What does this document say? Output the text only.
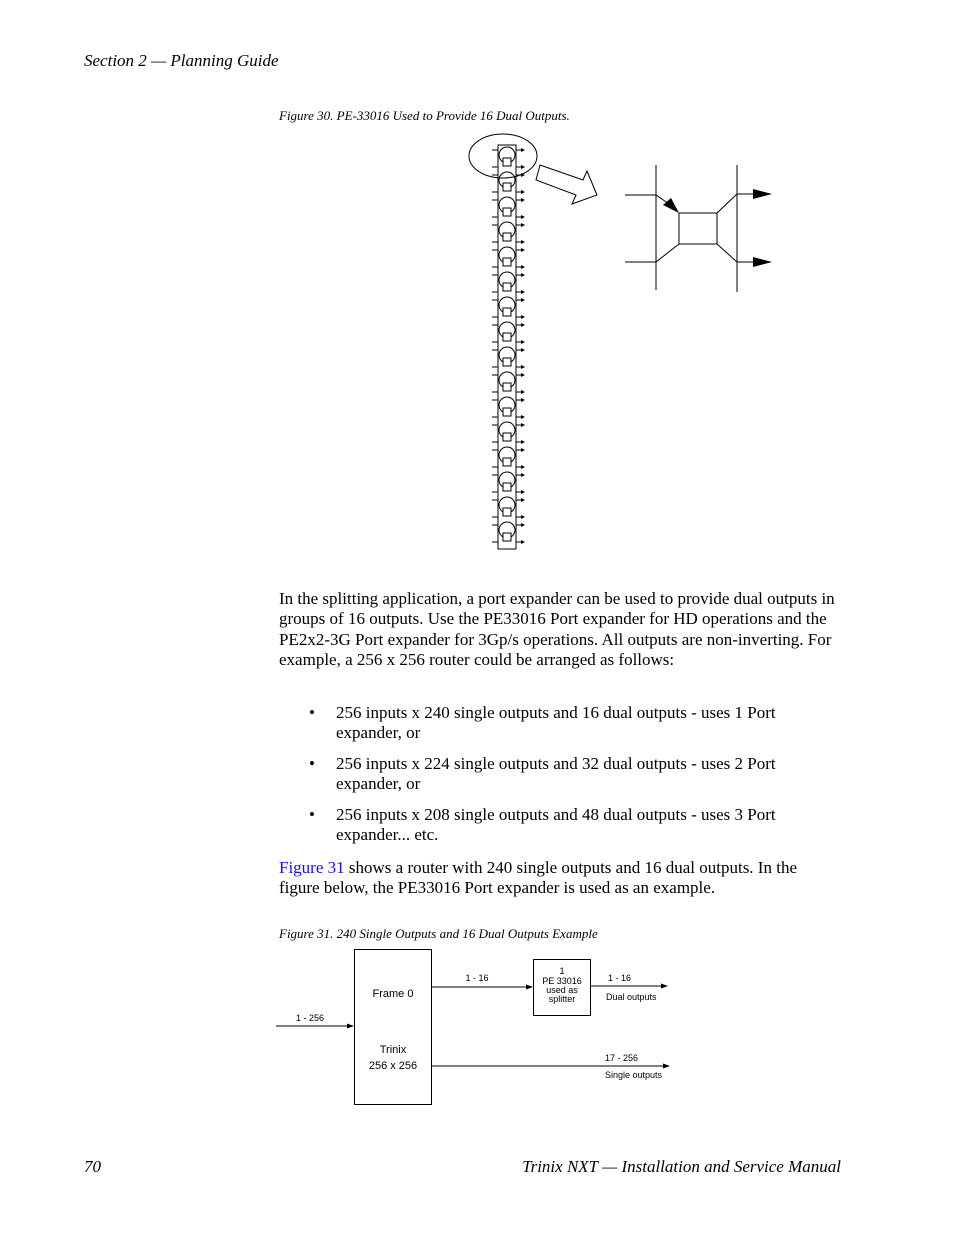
Section 2 — Planning Guide
Figure 30. PE-33016 Used to Provide 16 Dual Outputs.
In the splitting application, a port expander can be used to provide dual outputs in groups of 16 outputs. Use the PE33016 Port expander for HD operations and the PE2x2-3G Port expander for 3Gp/s operations. All outputs are non-inverting. For example, a 256 x 256 router could be arranged as follows:
•	256 inputs x 240 single outputs and 16 dual outputs - uses 1 Port expander, or
•	256 inputs x 224 single outputs and 32 dual outputs - uses 2 Port expander, or
•	256 inputs x 208 single outputs and 48 dual outputs - uses 3 Port expander... etc.
Figure 31 shows a router with 240 single outputs and 16 dual outputs. In the figure below, the PE33016 Port expander is used as an example.
Figure 31. 240 Single Outputs and 16 Dual Outputs Example
Frame 0
Trinix
256 x 256
1 - 256
1 - 16
1
PE 33016
used as
splitter
1 - 16
Dual outputs
17 - 256
Single outputs
70	Trinix NXT — Installation and Service Manual
